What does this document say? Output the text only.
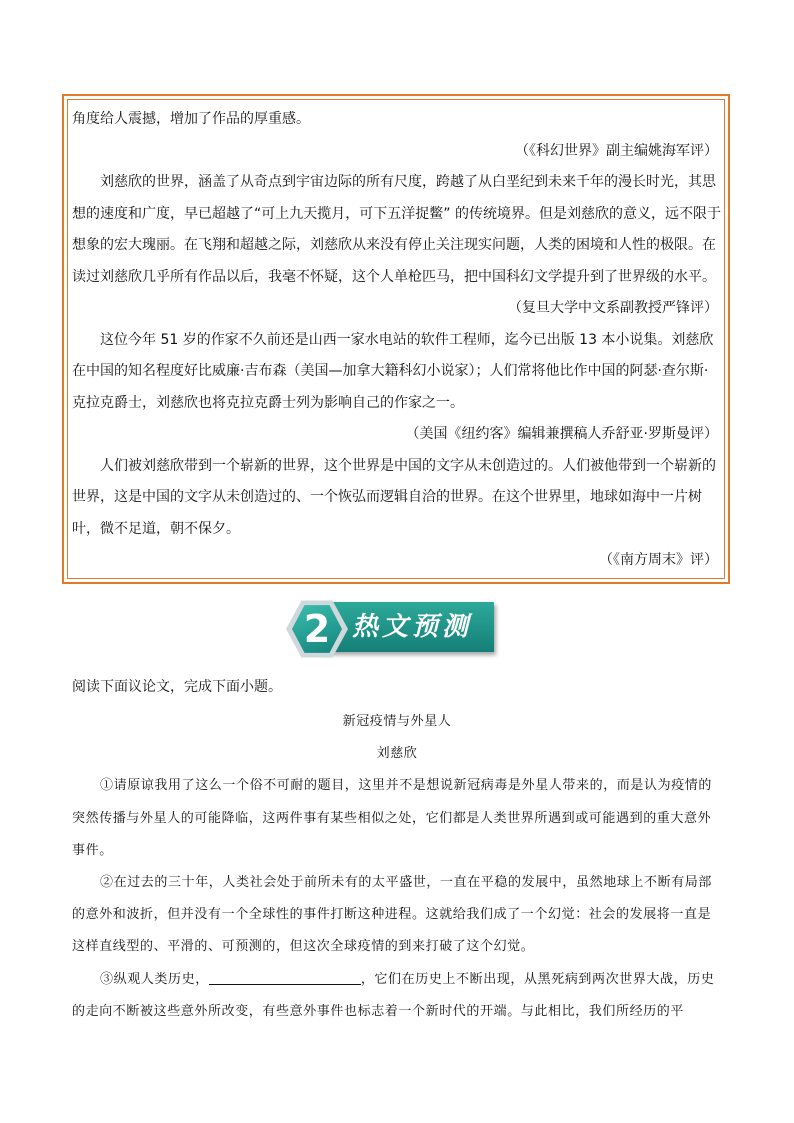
角度给人震撼，增加了作品的厚重感。

（《科幻世界》副主编姚海军评）

刘慈欣的世界，涵盖了从奇点到宇宙边际的所有尺度，跨越了从白垩纪到未来千年的漫长时光，其思想的速度和广度，早已超越了“可上九天揽月，可下五洋捉鳖” 的传统境界。但是刘慈欣的意义，远不限于想象的宏大瑰丽。在飞翔和超越之际，刘慈欣从来没有停止关注现实问题，人类的困境和人性的极限。在读过刘慈欣几乎所有作品以后，我毫不怀疑，这个人单枪匹马，把中国科幻文学提升到了世界级的水平。

（复旦大学中文系副教授严锋评）

这位今年 51 岁的作家不久前还是山西一家水电站的软件工程师，迄今已出版 13 本小说集。刘慈欣在中国的知名程度好比威廉·吉布森（美国—加拿大籍科幻小说家）；人们常将他比作中国的阿瑟·查尔斯·克拉克爵士，刘慈欣也将克拉克爵士列为影响自己的作家之一。

（美国《纽约客》编辑兼撰稿人乔舒亚·罗斯曼评）

人们被刘慈欣带到一个崭新的世界，这个世界是中国的文字从未创造过的。人们被他带到一个崭新的世界，这是中国的文字从未创造过的、一个恢弘而逻辑自洽的世界。在这个世界里，地球如海中一片树叶，微不足道，朝不保夕。

（《南方周末》评）

2 热文预测
阅读下面议论文，完成下面小题。

新冠疫情与外星人

刘慈欣

①请原谅我用了这么一个俗不可耐的题目，这里并不是想说新冠病毒是外星人带来的，而是认为疫情的突然传播与外星人的可能降临，这两件事有某些相似之处，它们都是人类世界所遇到或可能遇到的重大意外事件。

②在过去的三十年，人类社会处于前所未有的太平盛世，一直在平稳的发展中，虽然地球上不断有局部的意外和波折，但并没有一个全球性的事件打断这种进程。这就给我们成了一个幻觉：社会的发展将一直是这样直线型的、平滑的、可预测的，但这次全球疫情的到来打破了这个幻觉。

③纵观人类历史，	，它们在历史上不断出现，从黑死病到两次世界大战，历史的走向不断被这些意外所改变，有些意外事件也标志着一个新时代的开端。与此相比，我们所经历的平
